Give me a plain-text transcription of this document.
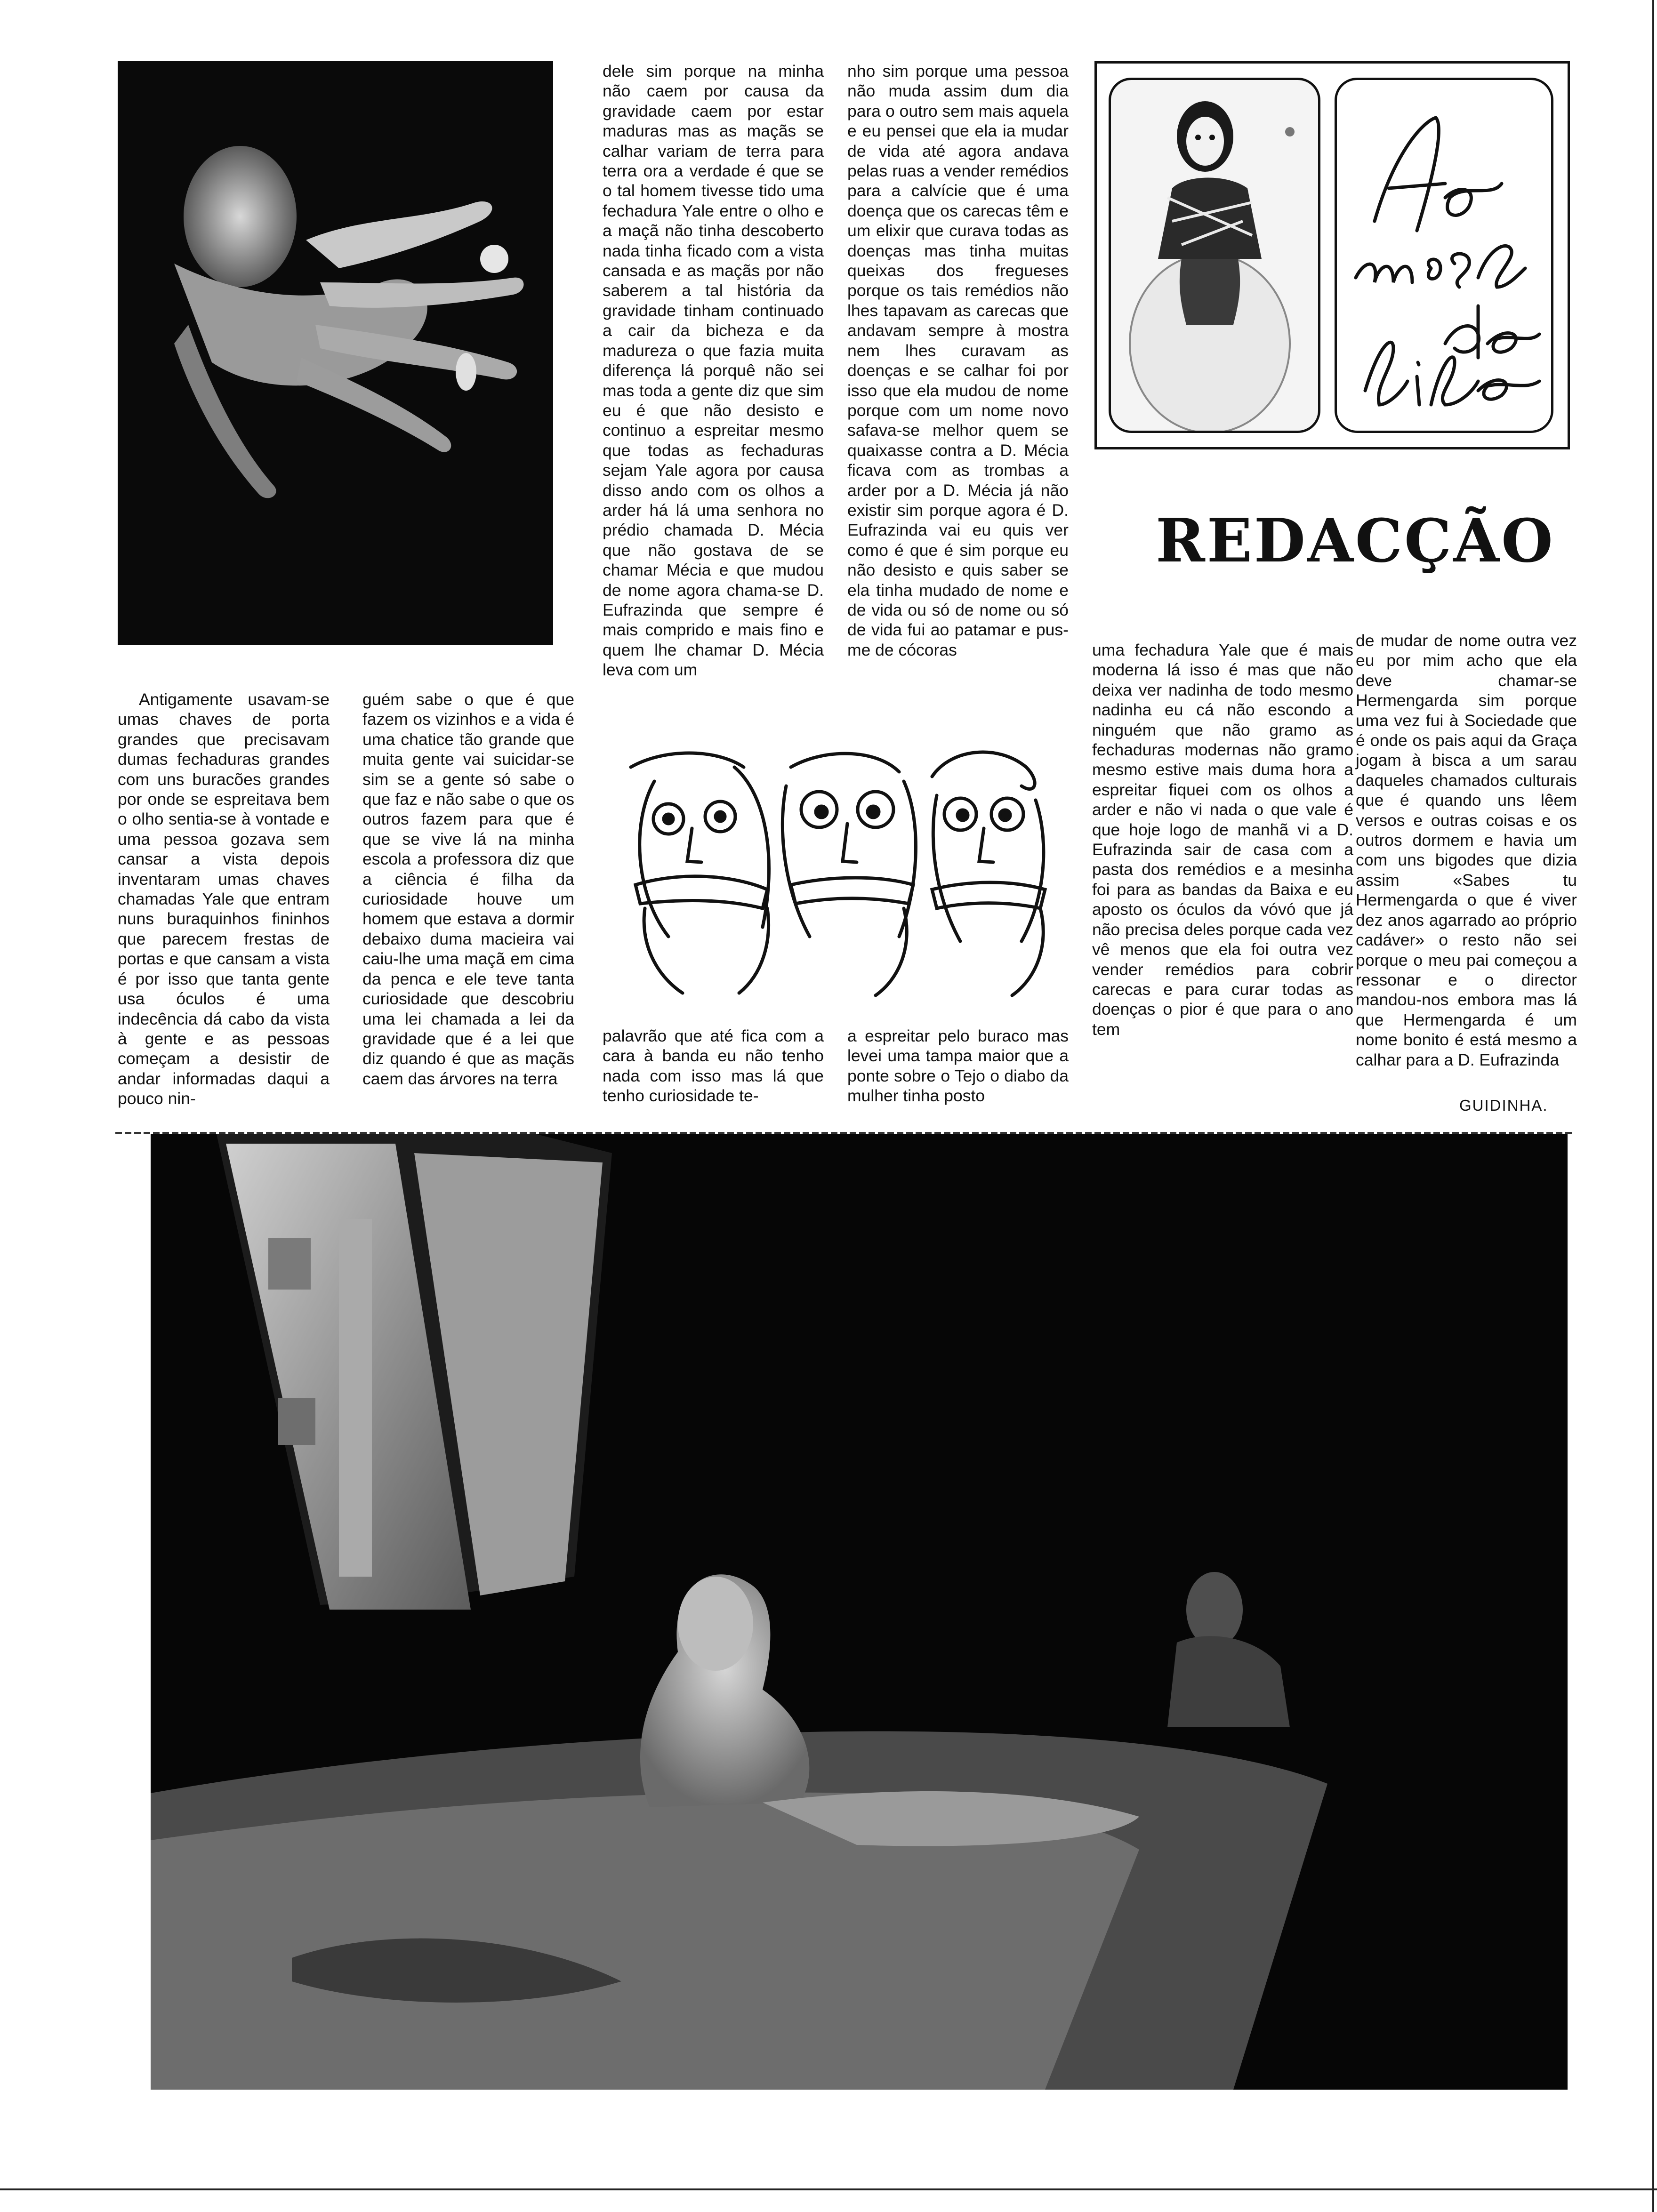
Antigamente usavam-se umas chaves de porta grandes que precisavam dumas fechaduras grandes com uns buracões grandes por onde se espreitava bem o olho sentia-se à vontade e uma pessoa gozava sem cansar a vista depois inventaram umas chaves chamadas Yale que entram nuns buraquinhos fininhos que parecem frestas de portas e que cansam a vista é por isso que tanta gente usa óculos é uma indecência dá cabo da vista à gente e as pessoas começam a desistir de andar informadas daqui a pouco nin-

guém sabe o que é que fazem os vizinhos e a vida é uma chatice tão grande que muita gente vai suicidar-se sim se a gente só sabe o que faz e não sabe o que os outros fazem para que é que se vive lá na minha escola a professora diz que a ciência é filha da curiosidade houve um homem que estava a dormir debaixo duma macieira vai caiu-lhe uma maçã em cima da penca e ele teve tanta curiosidade que descobriu uma lei chamada a lei da gravidade que é a lei que diz quando é que as maçãs caem das árvores na terra

dele sim porque na minha não caem por causa da gravidade caem por estar maduras mas as maçãs se calhar variam de terra para terra ora a verdade é que se o tal homem tivesse tido uma fechadura Yale entre o olho e a maçã não tinha descoberto nada tinha ficado com a vista cansada e as maçãs por não saberem a tal história da gravidade tinham continuado a cair da bicheza e da madureza o que fazia muita diferença lá porquê não sei mas toda a gente diz que sim eu é que não desisto e continuo a espreitar mesmo que todas as fechaduras sejam Yale agora por causa disso ando com os olhos a arder há lá uma senhora no prédio chamada D. Mécia que não gostava de se chamar Mécia e que mudou de nome agora chama-se D. Eufrazinda que sempre é mais comprido e mais fino e quem lhe chamar D. Mécia leva com um

nho sim porque uma pessoa não muda assim dum dia para o outro sem mais aquela e eu pensei que ela ia mudar de vida até agora andava pelas ruas a vender remédios para a calvície que é uma doença que os carecas têm e um elixir que curava todas as doenças mas tinha muitas queixas dos fregueses porque os tais remédios não lhes tapavam as carecas que andavam sempre à mostra nem lhes curavam as doenças e se calhar foi por isso que ela mudou de nome porque com um nome novo safava-se melhor quem se quaixasse contra a D. Mécia ficava com as trombas a arder por a D. Mécia já não existir sim porque agora é D. Eufrazinda vai eu quis ver como é que é sim porque eu não desisto e quis saber se ela tinha mudado de nome e de vida ou só de nome ou só de vida fui ao patamar e pus-me de cócoras

palavrão que até fica com a cara à banda eu não tenho nada com isso mas lá que tenho curiosidade te-

a espreitar pelo buraco mas levei uma tampa maior que a ponte sobre o Tejo o diabo da mulher tinha posto

uma fechadura Yale que é mais moderna lá isso é mas que não deixa ver nadinha de todo mesmo nadinha eu cá não escondo a ninguém que não gramo as fechaduras modernas não gramo mesmo estive mais duma hora a espreitar fiquei com os olhos a arder e não vi nada o que vale é que hoje logo de manhã vi a D. Eufrazinda sair de casa com a pasta dos remédios e a mesinha foi para as bandas da Baixa e eu aposto os óculos da vóvó que já não precisa deles porque cada vez vê menos que ela foi outra vez vender remédios para cobrir carecas e para curar todas as doenças o pior é que para o ano tem

de mudar de nome outra vez eu por mim acho que ela deve chamar-se Hermengarda sim porque uma vez fui à Sociedade que é onde os pais aqui da Graça jogam à bisca a um sarau daqueles chamados culturais que é quando uns lêem versos e outras coisas e os outros dormem e havia um com uns bigodes que dizia assim «Sabes tu Hermengarda o que é viver dez anos agarrado ao próprio cadáver» o resto não sei porque o meu pai começou a ressonar e o director mandou-nos embora mas lá que Hermengarda é um nome bonito é está mesmo a calhar para a D. Eufrazinda

GUIDINHA.
Ae mosca de bibe
REDACÇÃO
